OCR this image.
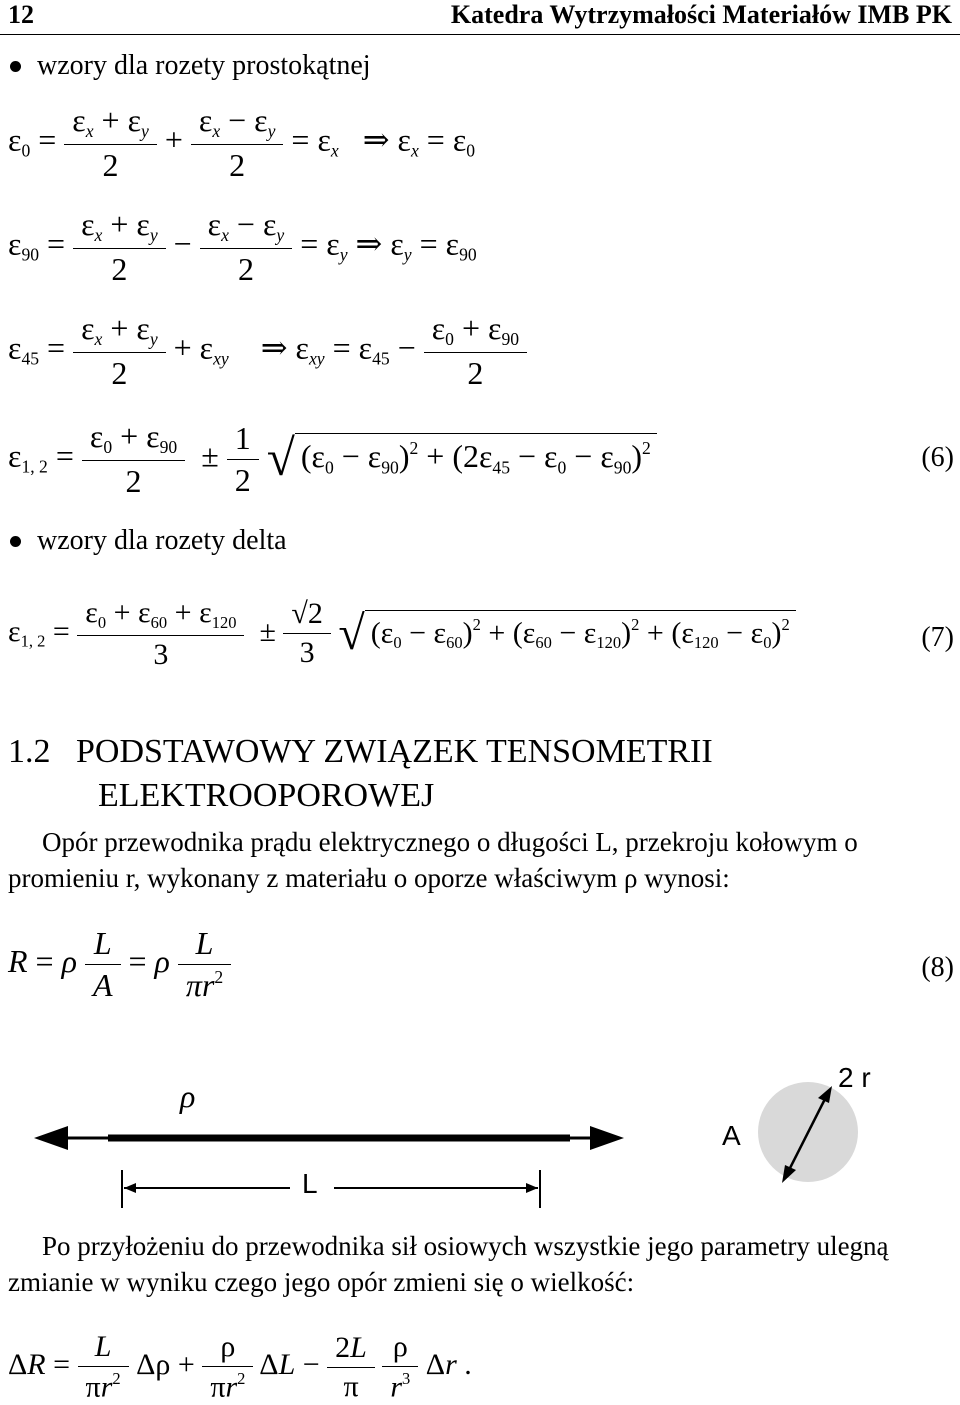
12	Katedra Wytrzymałości Materiałów IMB PK
wzory dla rozety prostokątnej
$\varepsilon_0 = \frac{\varepsilon_x + \varepsilon_y}{2} + \frac{\varepsilon_x - \varepsilon_y}{2} = \varepsilon_x$   ⇒ $\varepsilon_x = \varepsilon_0$
$\varepsilon_{90} = \frac{\varepsilon_x + \varepsilon_y}{2} - \frac{\varepsilon_x - \varepsilon_y}{2} = \varepsilon_y$ ⇒ $\varepsilon_y = \varepsilon_{90}$
$\varepsilon_{45} = \frac{\varepsilon_x + \varepsilon_y}{2} + \varepsilon_{xy}$    ⇒ $\varepsilon_{xy} = \varepsilon_{45} - \frac{\varepsilon_0 + \varepsilon_{90}}{2}$
$\varepsilon_{1, 2} = \frac{\varepsilon_0 + \varepsilon_{90}}{2} \pm \frac{1}{2}$
√ $(\varepsilon_0 - \varepsilon_{90})^2 + (2\varepsilon_{45} - \varepsilon_0 - \varepsilon_{90})^2$	(6)
wzory dla rozety delta
$\varepsilon_{1, 2} = \frac{\varepsilon_0 + \varepsilon_{60} + \varepsilon_{120}}{3} \pm \frac{√2}{3}$
√ $(\varepsilon_0 - \varepsilon_{60})^2 + (\varepsilon_{60} - \varepsilon_{120})^2 + (\varepsilon_{120} - \varepsilon_0)^2$	(7)
1.2 PODSTAWOWY ZWIĄZEK TENSOMETRII
ELEKTROOPOROWEJ
Opór przewodnika prądu elektrycznego o długości L, przekroju kołowym o promieniu r, wykonany z materiału o oporze właściwym ρ wynosi:
R = ρ $\frac{L}{A} = \rho \frac{L}{\pi r^2}$	(8)
ρ
L
A
2 r
Po przyłożeniu do przewodnika sił osiowych wszystkie jego parametry ulegną zmianie w wyniku czego jego opór zmieni się o wielkość:
$\Delta R = \frac{L}{\pi r^2}$ $\Delta\rho + \frac{\rho}{\pi r^2}$ $\Delta L - \frac{2L}{\pi}$
$\frac{\rho}{r^3}$ Δr .
